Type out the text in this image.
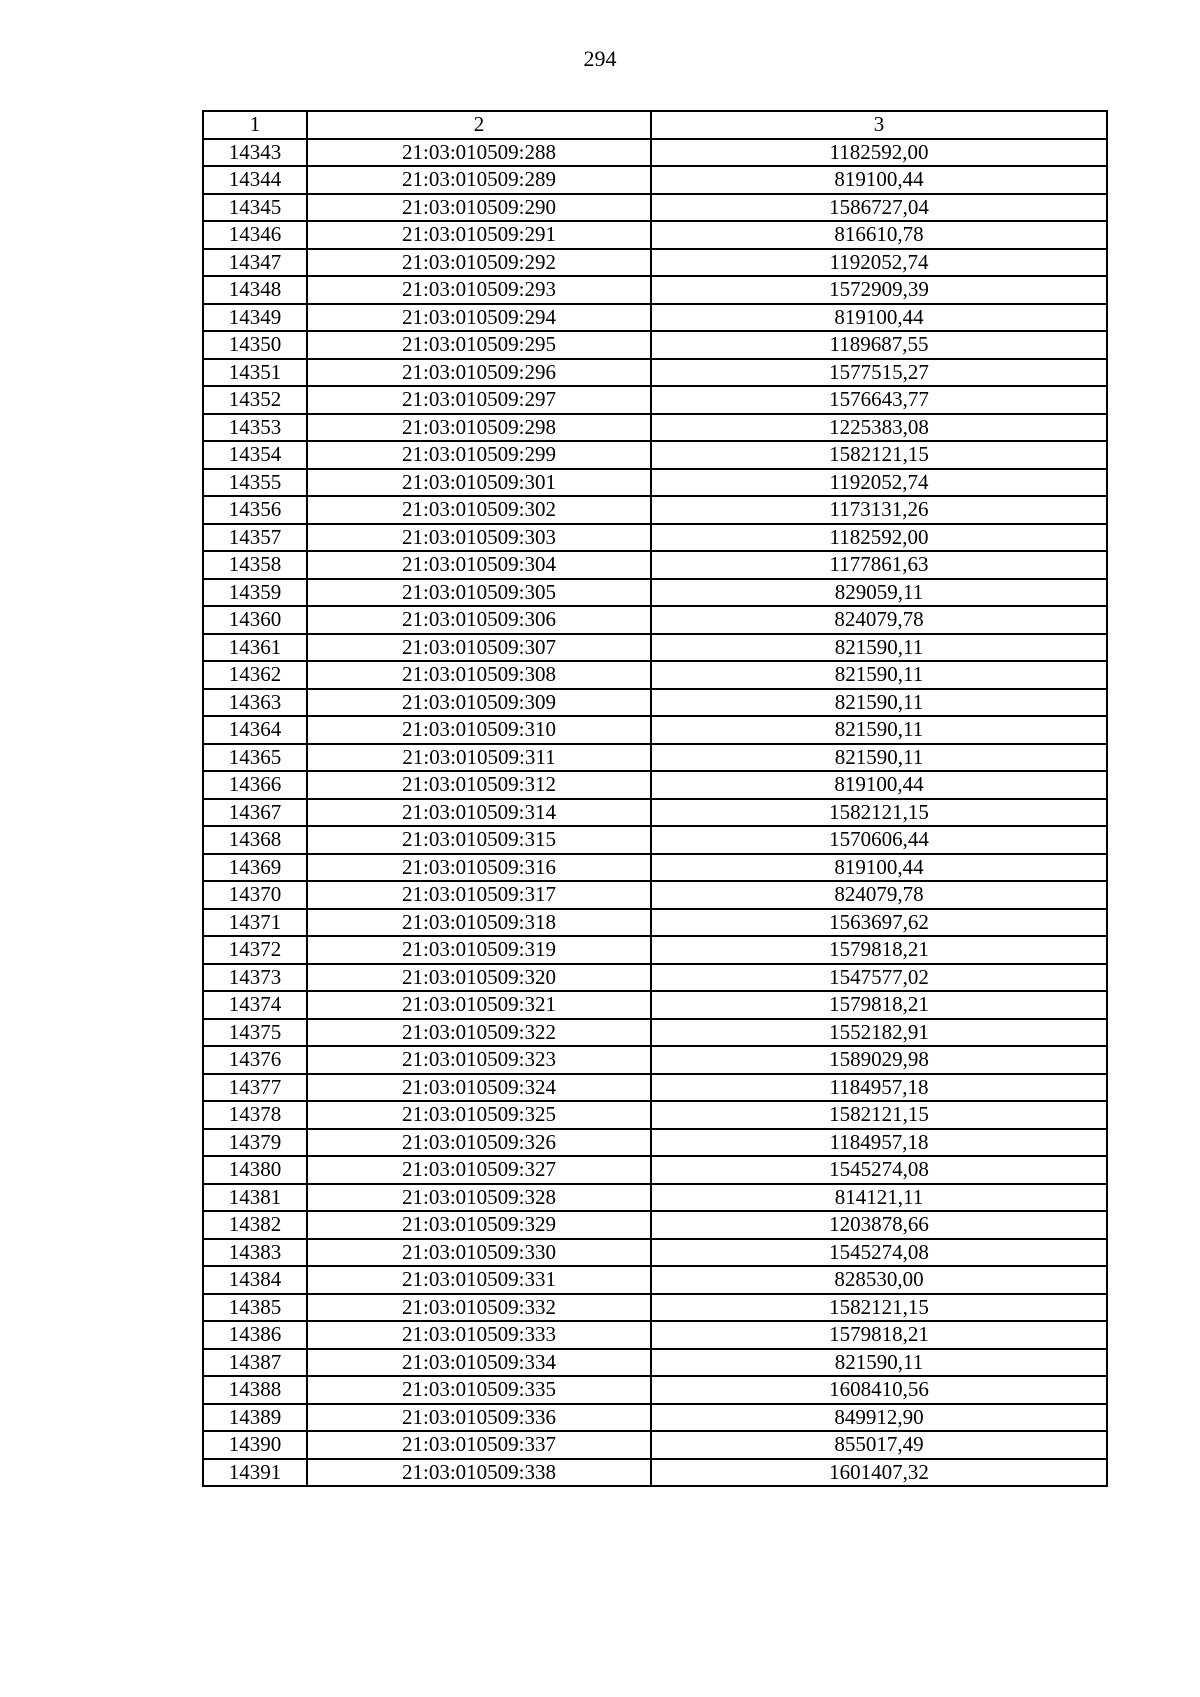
294
1	2	3
14343	21:03:010509:288	1182592,00
14344	21:03:010509:289	819100,44
14345	21:03:010509:290	1586727,04
14346	21:03:010509:291	816610,78
14347	21:03:010509:292	1192052,74
14348	21:03:010509:293	1572909,39
14349	21:03:010509:294	819100,44
14350	21:03:010509:295	1189687,55
14351	21:03:010509:296	1577515,27
14352	21:03:010509:297	1576643,77
14353	21:03:010509:298	1225383,08
14354	21:03:010509:299	1582121,15
14355	21:03:010509:301	1192052,74
14356	21:03:010509:302	1173131,26
14357	21:03:010509:303	1182592,00
14358	21:03:010509:304	1177861,63
14359	21:03:010509:305	829059,11
14360	21:03:010509:306	824079,78
14361	21:03:010509:307	821590,11
14362	21:03:010509:308	821590,11
14363	21:03:010509:309	821590,11
14364	21:03:010509:310	821590,11
14365	21:03:010509:311	821590,11
14366	21:03:010509:312	819100,44
14367	21:03:010509:314	1582121,15
14368	21:03:010509:315	1570606,44
14369	21:03:010509:316	819100,44
14370	21:03:010509:317	824079,78
14371	21:03:010509:318	1563697,62
14372	21:03:010509:319	1579818,21
14373	21:03:010509:320	1547577,02
14374	21:03:010509:321	1579818,21
14375	21:03:010509:322	1552182,91
14376	21:03:010509:323	1589029,98
14377	21:03:010509:324	1184957,18
14378	21:03:010509:325	1582121,15
14379	21:03:010509:326	1184957,18
14380	21:03:010509:327	1545274,08
14381	21:03:010509:328	814121,11
14382	21:03:010509:329	1203878,66
14383	21:03:010509:330	1545274,08
14384	21:03:010509:331	828530,00
14385	21:03:010509:332	1582121,15
14386	21:03:010509:333	1579818,21
14387	21:03:010509:334	821590,11
14388	21:03:010509:335	1608410,56
14389	21:03:010509:336	849912,90
14390	21:03:010509:337	855017,49
14391	21:03:010509:338	1601407,32
